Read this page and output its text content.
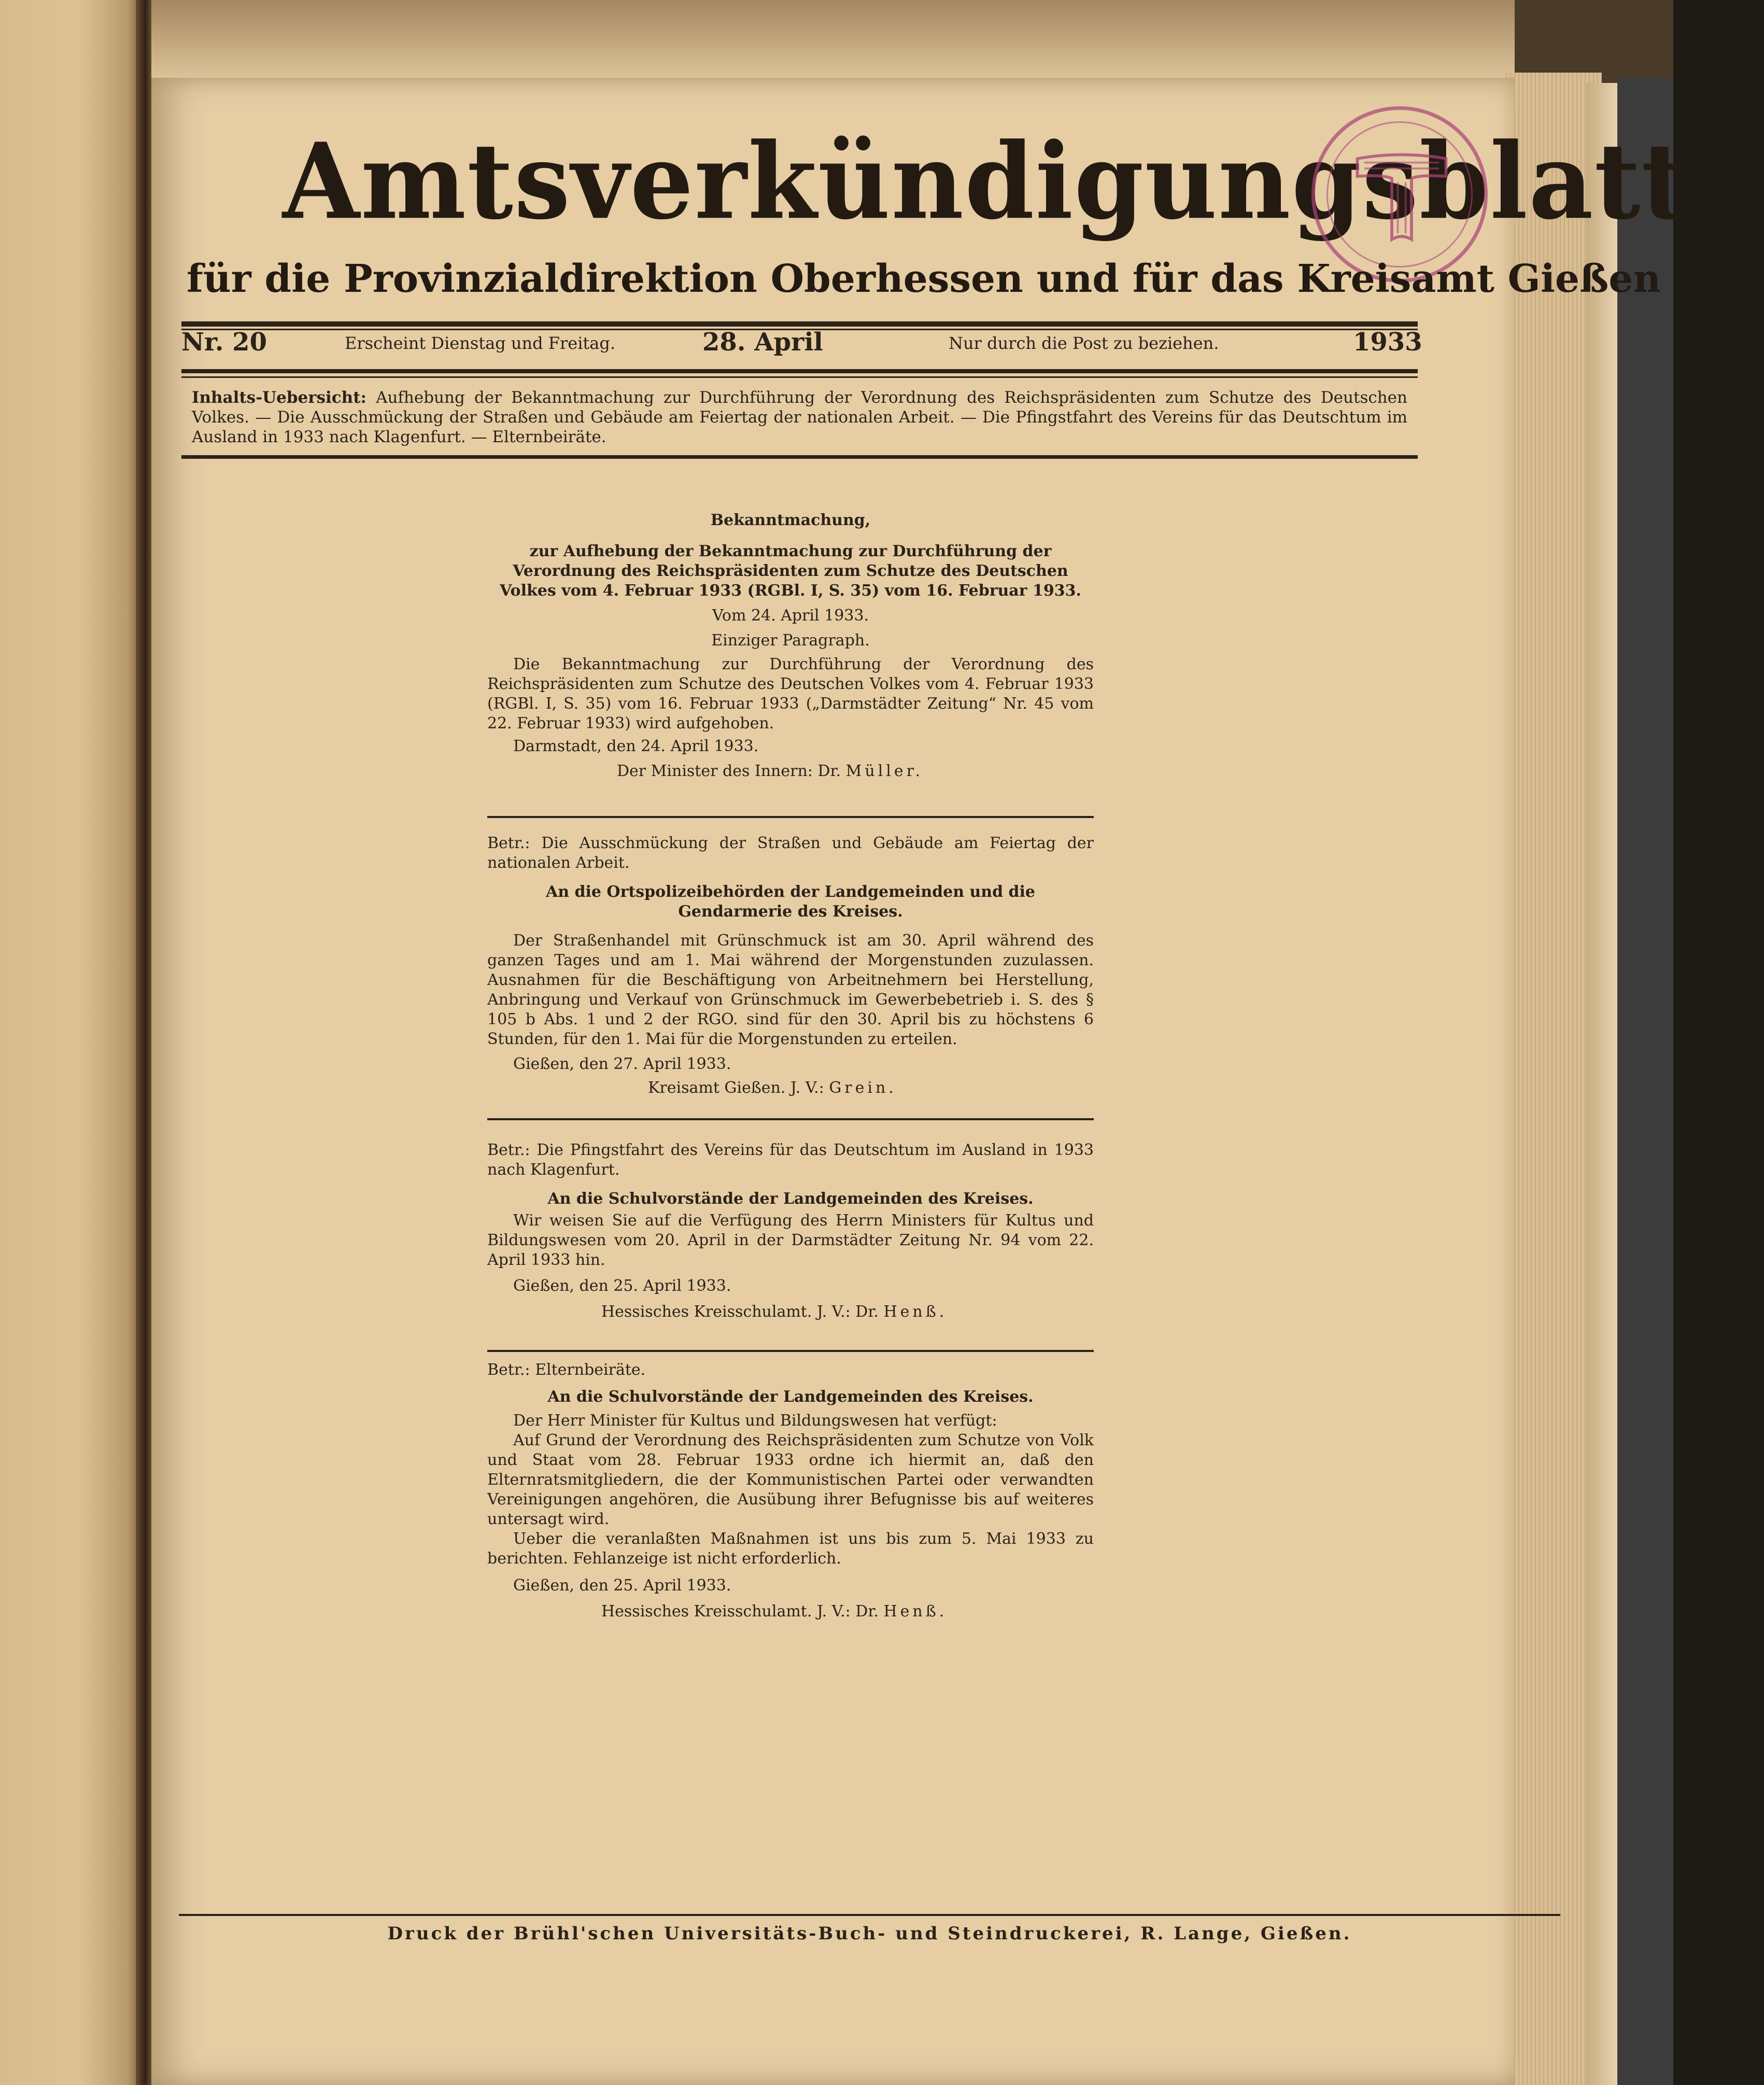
Amtsverkündigungsblatt
für die Provinzialdirektion Oberhessen und für das Kreisamt Gießen
Nr. 20	Erscheint Dienstag und Freitag.	28. April	Nur durch die Post zu beziehen.	1933
Inhalts-Uebersicht: Aufhebung der Bekanntmachung zur Durchführung der Verordnung des Reichspräsidenten zum Schutze des Deutschen Volkes. — Die Ausschmückung der Straßen und Gebäude am Feiertag der nationalen Arbeit. — Die Pfingstfahrt des Vereins für das Deutschtum im Ausland in 1933 nach Klagenfurt. — Elternbeiräte.
Bekanntmachung,
zur Aufhebung der Bekanntmachung zur Durchführung der Verordnung des Reichspräsidenten zum Schutze des Deutschen Volkes vom 4. Februar 1933 (RGBl. I, S. 35) vom 16. Februar 1933.
Vom 24. April 1933.
Einziger Paragraph.
Die Bekanntmachung zur Durchführung der Verordnung des Reichspräsidenten zum Schutze des Deutschen Volkes vom 4. Februar 1933 (RGBl. I, S. 35) vom 16. Februar 1933 („Darmstädter Zeitung“ Nr. 45 vom 22. Februar 1933) wird aufgehoben.
Darmstadt, den 24. April 1933.
Der Minister des Innern: Dr. Müller.
Betr.: Die Ausschmückung der Straßen und Gebäude am Feiertag der nationalen Arbeit.
An die Ortspolizeibehörden der Landgemeinden und die Gendarmerie des Kreises.
Der Straßenhandel mit Grünschmuck ist am 30. April während des ganzen Tages und am 1. Mai während der Morgenstunden zuzulassen. Ausnahmen für die Beschäftigung von Arbeitnehmern bei Herstellung, Anbringung und Verkauf von Grünschmuck im Gewerbebetrieb i. S. des § 105 b Abs. 1 und 2 der RGO. sind für den 30. April bis zu höchstens 6 Stunden, für den 1. Mai für die Morgenstunden zu erteilen.
Gießen, den 27. April 1933.
Kreisamt Gießen. J. V.: Grein.
Betr.: Die Pfingstfahrt des Vereins für das Deutschtum im Ausland in 1933 nach Klagenfurt.
An die Schulvorstände der Landgemeinden des Kreises.
Wir weisen Sie auf die Verfügung des Herrn Ministers für Kultus und Bildungswesen vom 20. April in der Darmstädter Zeitung Nr. 94 vom 22. April 1933 hin.
Gießen, den 25. April 1933.
Hessisches Kreisschulamt. J. V.: Dr. Henß.
Betr.: Elternbeiräte.
An die Schulvorstände der Landgemeinden des Kreises.
Der Herr Minister für Kultus und Bildungswesen hat verfügt:
Auf Grund der Verordnung des Reichspräsidenten zum Schutze von Volk und Staat vom 28. Februar 1933 ordne ich hiermit an, daß den Elternratsmitgliedern, die der Kommunistischen Partei oder verwandten Vereinigungen angehören, die Ausübung ihrer Befugnisse bis auf weiteres untersagt wird.
Ueber die veranlaßten Maßnahmen ist uns bis zum 5. Mai 1933 zu berichten. Fehlanzeige ist nicht erforderlich.
Gießen, den 25. April 1933.
Hessisches Kreisschulamt. J. V.: Dr. Henß.
Druck der Brühl'schen Universitäts-Buch- und Steindruckerei, R. Lange, Gießen.
